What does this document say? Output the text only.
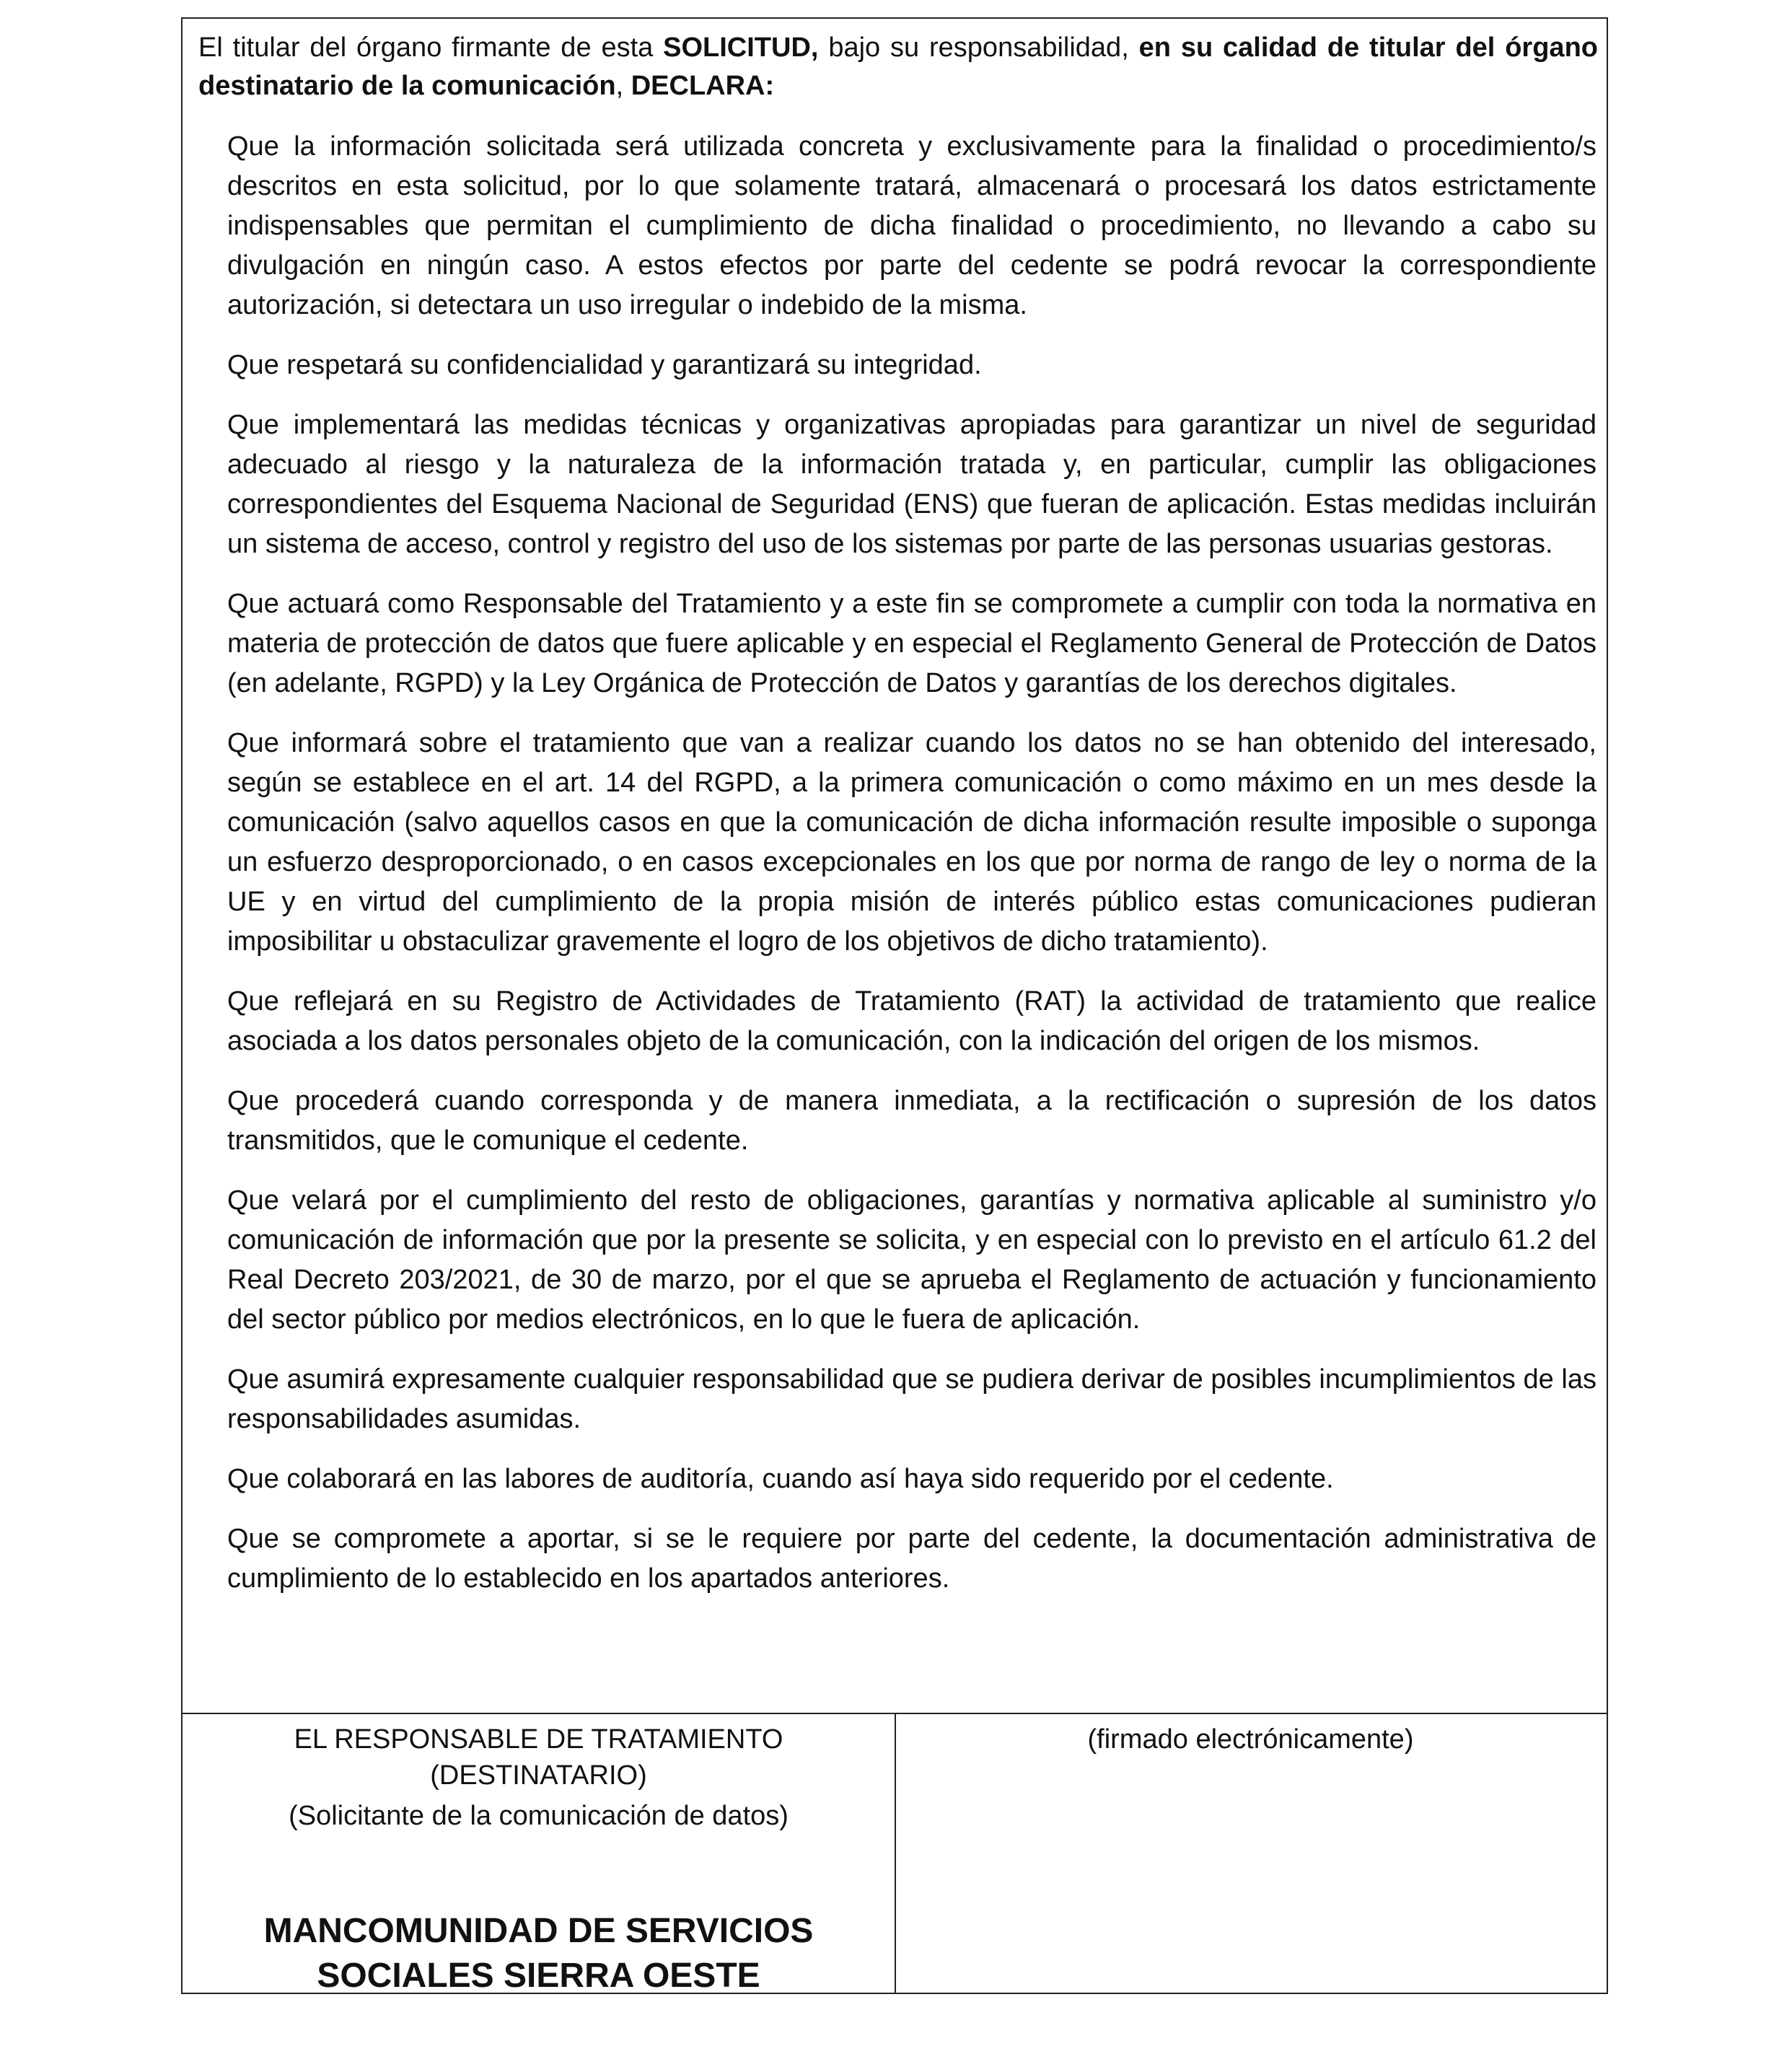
El titular del órgano firmante de esta SOLICITUD, bajo su responsabilidad, en su calidad de titular del órgano destinatario de la comunicación, DECLARA:

Que la información solicitada será utilizada concreta y exclusivamente para la finalidad o procedimiento/s descritos en esta solicitud, por lo que solamente tratará, almacenará o procesará los datos estrictamente indispensables que permitan el cumplimiento de dicha finalidad o procedimiento, no llevando a cabo su divulgación en ningún caso. A estos efectos por parte del cedente se podrá revocar la correspondiente autorización, si detectara un uso irregular o indebido de la misma.

Que respetará su confidencialidad y garantizará su integridad.

Que implementará las medidas técnicas y organizativas apropiadas para garantizar un nivel de seguridad adecuado al riesgo y la naturaleza de la información tratada y, en particular, cumplir las obligaciones correspondientes del Esquema Nacional de Seguridad (ENS) que fueran de aplicación. Estas medidas incluirán un sistema de acceso, control y registro del uso de los sistemas por parte de las personas usuarias gestoras.

Que actuará como Responsable del Tratamiento y a este fin se compromete a cumplir con toda la normativa en materia de protección de datos que fuere aplicable y en especial el Reglamento General de Protección de Datos (en adelante, RGPD) y la Ley Orgánica de Protección de Datos y garantías de los derechos digitales.

Que informará sobre el tratamiento que van a realizar cuando los datos no se han obtenido del interesado, según se establece en el art. 14 del RGPD, a la primera comunicación o como máximo en un mes desde la comunicación (salvo aquellos casos en que la comunicación de dicha información resulte imposible o suponga un esfuerzo desproporcionado, o en casos excepcionales en los que por norma de rango de ley o norma de la UE y en virtud del cumplimiento de la propia misión de interés público estas comunicaciones pudieran imposibilitar u obstaculizar gravemente el logro de los objetivos de dicho tratamiento).

Que reflejará en su Registro de Actividades de Tratamiento (RAT) la actividad de tratamiento que realice asociada a los datos personales objeto de la comunicación, con la indicación del origen de los mismos.

Que procederá cuando corresponda y de manera inmediata, a la rectificación o supresión de los datos transmitidos, que le comunique el cedente.

Que velará por el cumplimiento del resto de obligaciones, garantías y normativa aplicable al suministro y/o comunicación de información que por la presente se solicita, y en especial con lo previsto en el artículo 61.2 del Real Decreto 203/2021, de 30 de marzo, por el que se aprueba el Reglamento de actuación y funcionamiento del sector público por medios electrónicos, en lo que le fuera de aplicación.

Que asumirá expresamente cualquier responsabilidad que se pudiera derivar de posibles incumplimientos de las responsabilidades asumidas.

Que colaborará en las labores de auditoría, cuando así haya sido requerido por el cedente.

Que se compromete a aportar, si se le requiere por parte del cedente, la documentación administrativa de cumplimiento de lo establecido en los apartados anteriores.

EL RESPONSABLE DE TRATAMIENTO
(DESTINATARIO)
(Solicitante de la comunicación de datos)
MANCOMUNIDAD DE SERVICIOS
SOCIALES SIERRA OESTE
(firmado electrónicamente)
